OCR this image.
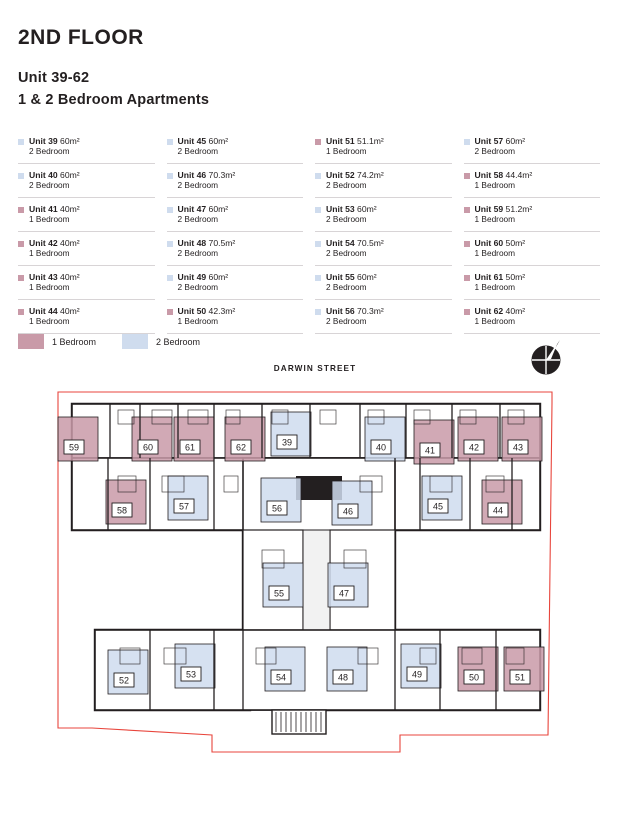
2ND FLOOR
Unit 39-62
1 & 2 Bedroom Apartments
Unit 39 60m²
2 Bedroom
Unit 40 60m²
2 Bedroom
Unit 41 40m²
1 Bedroom
Unit 42 40m²
1 Bedroom
Unit 43 40m²
1 Bedroom
Unit 44 40m²
1 Bedroom
Unit 45 60m²
2 Bedroom
Unit 46 70.3m²
2 Bedroom
Unit 47 60m²
2 Bedroom
Unit 48 70.5m²
2 Bedroom
Unit 49 60m²
2 Bedroom
Unit 50 42.3m²
1 Bedroom
Unit 51 51.1m²
1 Bedroom
Unit 52 74.2m²
2 Bedroom
Unit 53 60m²
2 Bedroom
Unit 54 70.5m²
2 Bedroom
Unit 55 60m²
2 Bedroom
Unit 56 70.3m²
2 Bedroom
Unit 57 60m²
2 Bedroom
Unit 58 44.4m²
1 Bedroom
Unit 59 51.2m²
1 Bedroom
Unit 60 50m²
1 Bedroom
Unit 61 50m²
1 Bedroom
Unit 62 40m²
1 Bedroom
1 Bedroom	2 Bedroom
DARWIN STREET
59	60	61	62	39	40	41	42	43
58	57	56	46	45	44
55	47
52
53	54	48	49	50	51
